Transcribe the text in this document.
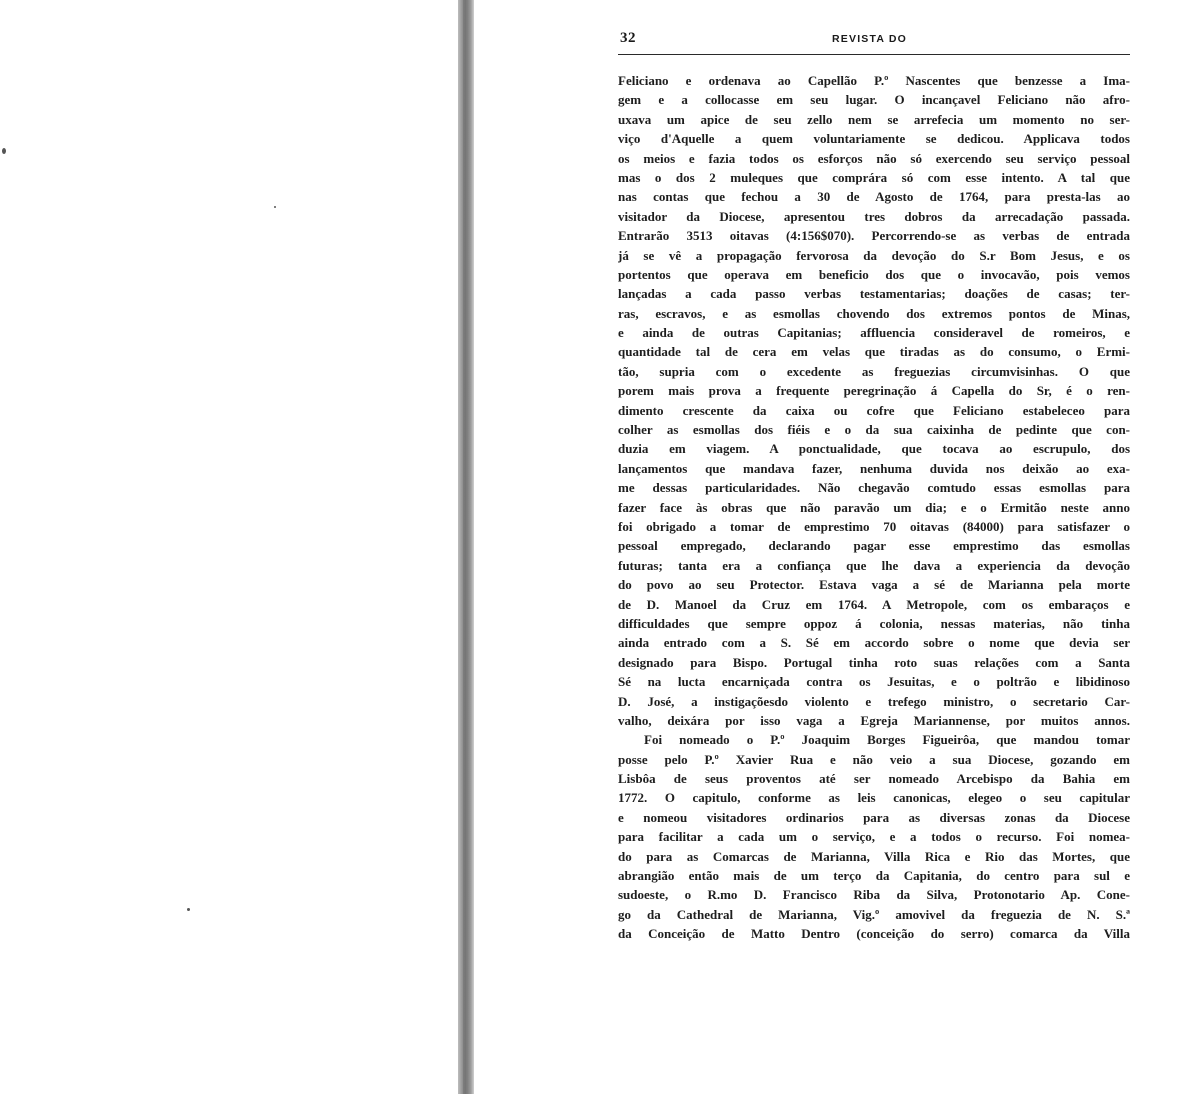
32	REVISTA DO
Feliciano e ordenava ao Capellão P.º Nascentes que benzesse a Ima-
gem e a collocasse em seu lugar. O incançavel Feliciano não afro-
uxava um apice de seu zello nem se arrefecia um momento no ser-
viço d'Aquelle a quem voluntariamente se dedicou. Applicava todos
os meios e fazia todos os esforços não só exercendo seu serviço pessoal
mas o dos 2 muleques que comprára só com esse intento. A tal que
nas contas que fechou a 30 de Agosto de 1764, para presta-las ao
visitador da Diocese, apresentou tres dobros da arrecadação passada.
Entrarão 3513 oitavas (4:156$070). Percorrendo-se as verbas de entrada
já se vê a propagação fervorosa da devoção do S.r Bom Jesus, e os
portentos que operava em beneficio dos que o invocavão, pois vemos
lançadas a cada passo verbas testamentarias; doações de casas; ter-
ras, escravos, e as esmollas chovendo dos extremos pontos de Minas,
e ainda de outras Capitanias; affluencia consideravel de romeiros, e
quantidade tal de cera em velas que tiradas as do consumo, o Ermi-
tão, supria com o excedente as freguezias circumvisinhas. O que
porem mais prova a frequente peregrinação á Capella do Sr, é o ren-
dimento crescente da caixa ou cofre que Feliciano estabeleceo para
colher as esmollas dos fiéis e o da sua caixinha de pedinte que con-
duzia em viagem. A ponctualidade, que tocava ao escrupulo, dos
lançamentos que mandava fazer, nenhuma duvida nos deixão ao exa-
me dessas particularidades. Não chegavão comtudo essas esmollas para
fazer face às obras que não paravão um dia; e o Ermitão neste anno
foi obrigado a tomar de emprestimo 70 oitavas (84000) para satisfazer o
pessoal empregado, declarando pagar esse emprestimo das esmollas
futuras; tanta era a confiança que lhe dava a experiencia da devoção
do povo ao seu Protector. Estava vaga a sé de Marianna pela morte
de D. Manoel da Cruz em 1764. A Metropole, com os embaraços e
difficuldades que sempre oppoz á colonia, nessas materias, não tinha
ainda entrado com a S. Sé em accordo sobre o nome que devia ser
designado para Bispo. Portugal tinha roto suas relações com a Santa
Sé na lucta encarniçada contra os Jesuitas, e o poltrão e libidinoso
D. José, a instigaçõesdo violento e trefego ministro, o secretario Car-
valho, deixára por isso vaga a Egreja Mariannense, por muitos annos.
Foi nomeado o P.º Joaquim Borges Figueirôa, que mandou tomar
posse pelo P.º Xavier Rua e não veio a sua Diocese, gozando em
Lisbôa de seus proventos até ser nomeado Arcebispo da Bahia em
1772. O capitulo, conforme as leis canonicas, elegeo o seu capitular
e nomeou visitadores ordinarios para as diversas zonas da Diocese
para facilitar a cada um o serviço, e a todos o recurso. Foi nomea-
do para as Comarcas de Marianna, Villa Rica e Rio das Mortes, que
abrangião então mais de um terço da Capitania, do centro para sul e
sudoeste, o R.mo D. Francisco Riba da Silva, Protonotario Ap. Cone-
go da Cathedral de Marianna, Vig.º amovivel da freguezia de N. S.ª
da Conceição de Matto Dentro (conceição do serro) comarca da Villa
